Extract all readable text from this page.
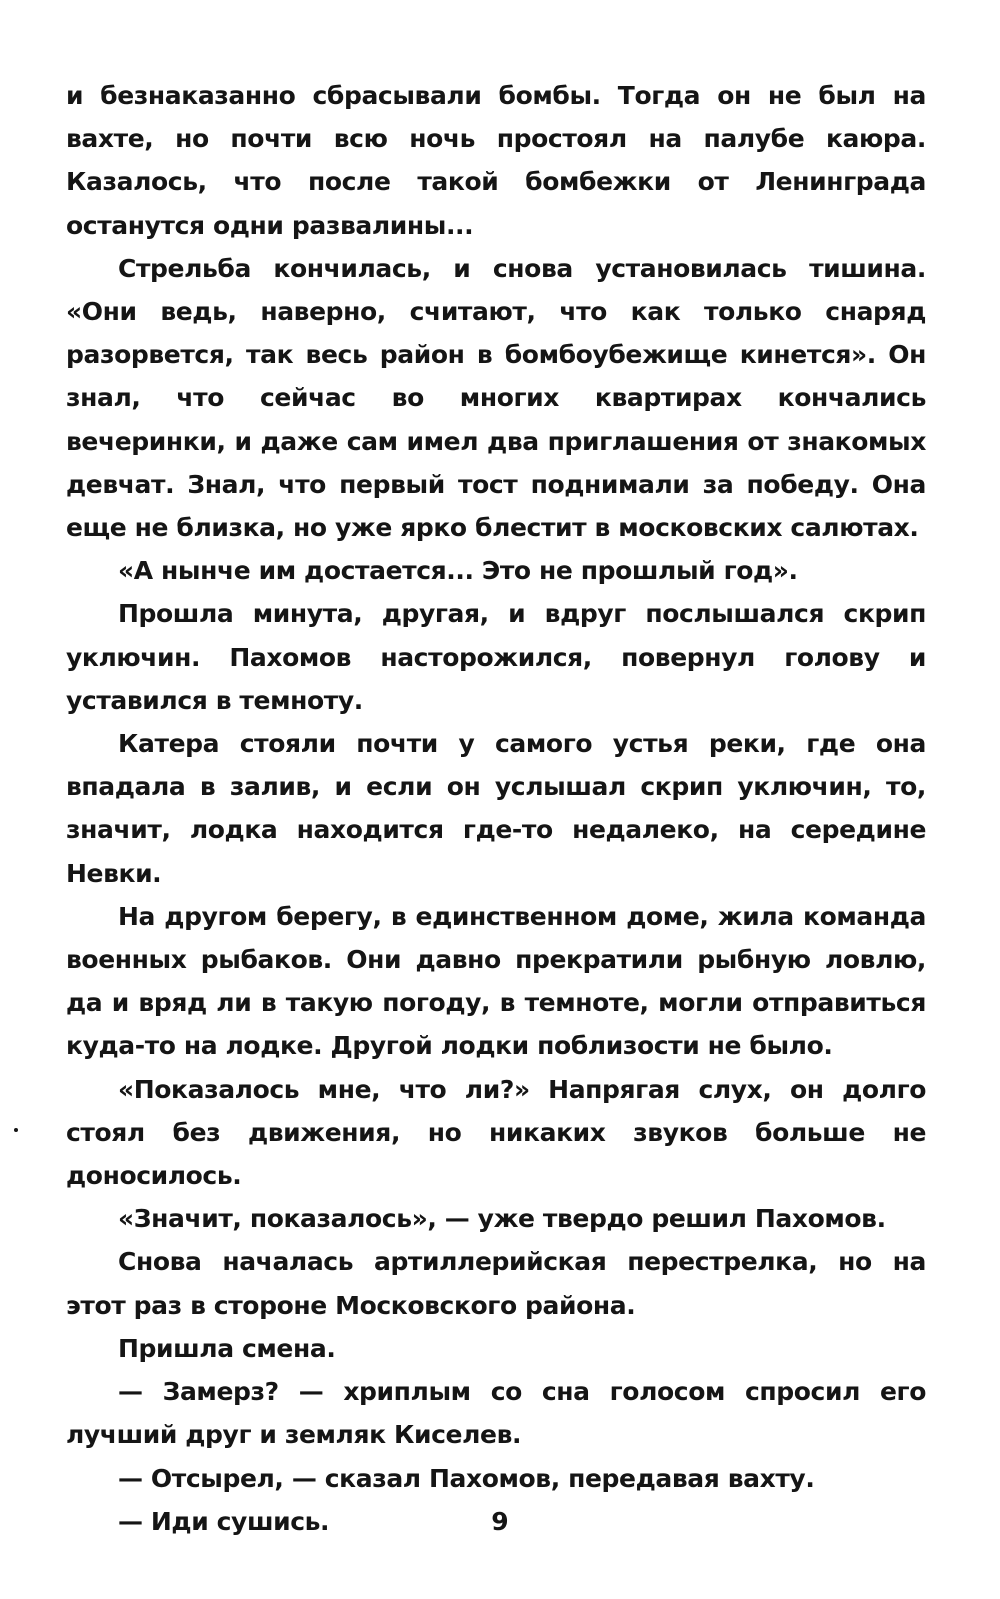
и безнаказанно сбрасывали бомбы. Тогда он не был на вахте, но почти всю ночь простоял на палубе каюра. Казалось, что после такой бомбежки от Ленинграда останутся одни развалины...

Стрельба кончилась, и снова установилась тишина. «Они ведь, наверно, считают, что как только снаряд разорвется, так весь район в бомбоубежище кинется». Он знал, что сейчас во многих квартирах кончались вечеринки, и даже сам имел два приглашения от знакомых девчат. Знал, что первый тост поднимали за победу. Она еще не близка, но уже ярко блестит в московских салютах.

«А нынче им достается... Это не прошлый год».

Прошла минута, другая, и вдруг послышался скрип уключин. Пахомов насторожился, повернул голову и уставился в темноту.

Катера стояли почти у самого устья реки, где она впадала в залив, и если он услышал скрип уключин, то, значит, лодка находится где-то недалеко, на середине Невки.

На другом берегу, в единственном доме, жила команда военных рыбаков. Они давно прекратили рыбную ловлю, да и вряд ли в такую погоду, в темноте, могли отправиться куда-то на лодке. Другой лодки поблизости не было.

«Показалось мне, что ли?» Напрягая слух, он долго стоял без движения, но никаких звуков больше не доносилось.

«Значит, показалось», — уже твердо решил Пахомов.

Снова началась артиллерийская перестрелка, но на этот раз в стороне Московского района.

Пришла смена.

— Замерз? — хриплым со сна голосом спросил его лучший друг и земляк Киселев.

— Отсырел, — сказал Пахомов, передавая вахту.

— Иди сушись.	9
